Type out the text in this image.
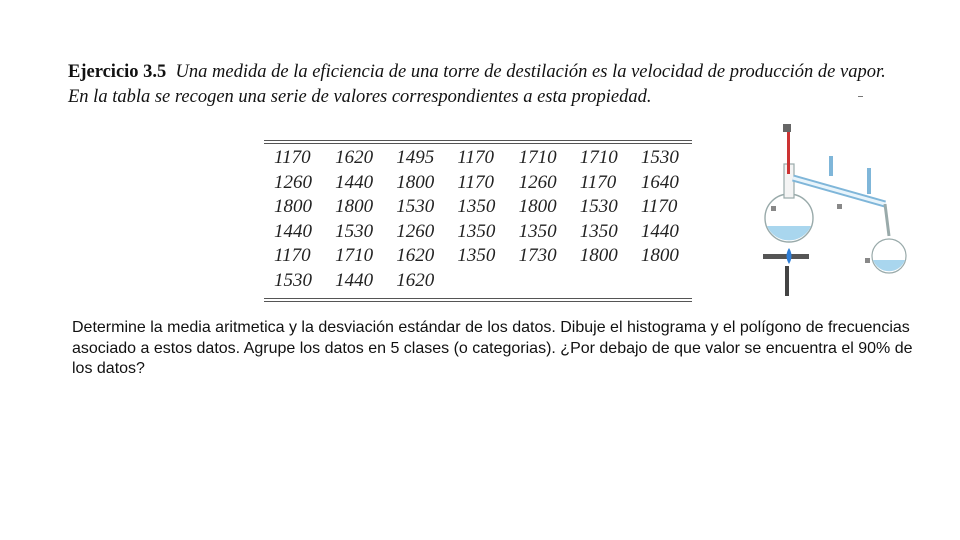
Ejercicio 3.5 Una medida de la eficiencia de una torre de destilación es la velocidad de producción de vapor. En la tabla se recogen una serie de valores correspondientes a esta propiedad.
1170	1620	1495	1170	1710	1710	1530
1260	1440	1800	1170	1260	1170	1640
1800	1800	1530	1350	1800	1530	1170
1440	1530	1260	1350	1350	1350	1440
1170	1710	1620	1350	1730	1800	1800
1530	1440	1620				
Determine la media aritmetica y la desviación estándar de los datos. Dibuje el histograma y el polígono de frecuencias asociado a estos datos. Agrupe los datos en 5 clases (o categorias). ¿Por debajo de que valor se encuentra el 90% de los datos?
